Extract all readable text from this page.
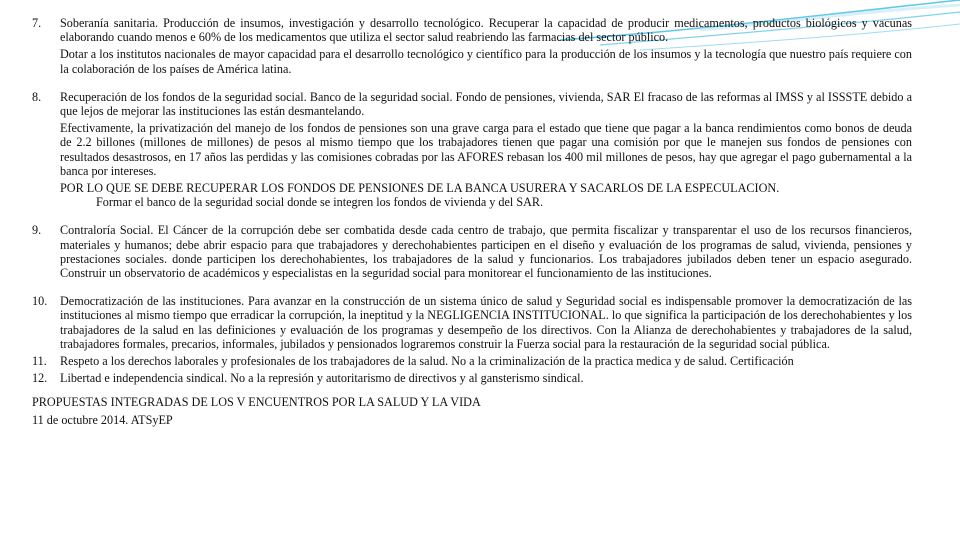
7.	Soberanía sanitaria. Producción de insumos, investigación y desarrollo tecnológico. Recuperar la capacidad de producir medicamentos, productos biológicos y vacunas elaborando cuando menos e 60% de los medicamentos que utiliza el sector salud reabriendo las farmacias del sector público.

Dotar a los institutos nacionales de mayor capacidad para el desarrollo tecnológico y científico para la producción de los insumos y la tecnología que nuestro país requiere con la colaboración de los países de América latina.

8.	Recuperación de los fondos de la seguridad social. Banco de la seguridad social. Fondo de pensiones, vivienda, SAR El fracaso de las reformas al IMSS y al ISSSTE debido a que lejos de mejorar las instituciones las están desmantelando.

Efectivamente, la privatización del manejo de los fondos de pensiones son una grave carga para el estado que tiene que pagar a la banca rendimientos como bonos de deuda de 2.2 billones (millones de millones) de pesos al mismo tiempo que los trabajadores tienen que pagar una comisión por que le manejen sus fondos de pensiones con resultados desastrosos, en 17 años las perdidas y las comisiones cobradas por las AFORES rebasan los 400 mil millones de pesos, hay que agregar el pago gubernamental a la banca por intereses.

POR LO QUE SE DEBE RECUPERAR LOS FONDOS DE PENSIONES DE LA BANCA USURERA Y SACARLOS DE LA ESPECULACION.

Formar el banco de la seguridad social donde se integren los fondos de vivienda y del SAR.

9.	Contraloría Social. El Cáncer de la corrupción debe ser combatida desde cada centro de trabajo, que permita fiscalizar y transparentar el uso de los recursos financieros, materiales y humanos; debe abrir espacio para que trabajadores y derechohabientes participen en el diseño y evaluación de los programas de salud, vivienda, pensiones y prestaciones sociales. donde participen los derechohabientes, los trabajadores de la salud y funcionarios. Los trabajadores jubilados deben tener un espacio asegurado. Construir un observatorio de académicos y especialistas en la seguridad social para monitorear el funcionamiento de las instituciones.

10.	Democratización de las instituciones. Para avanzar en la construcción de un sistema único de salud y Seguridad social es indispensable promover la democratización de las instituciones al mismo tiempo que erradicar la corrupción, la ineptitud y la NEGLIGENCIA INSTITUCIONAL. lo que significa la participación de los derechohabientes y los trabajadores de la salud en las definiciones y evaluación de los programas y desempeño de los directivos. Con la Alianza de derechohabientes y trabajadores de la salud, trabajadores formales, precarios, informales, jubilados y pensionados lograremos construir la Fuerza social para la restauración de la seguridad social pública.

11.	Respeto a los derechos laborales y profesionales de los trabajadores de la salud. No a la criminalización de la practica medica y de salud. Certificación

12.	Libertad e independencia sindical. No a la represión y autoritarismo de directivos y al gansterismo sindical.

PROPUESTAS INTEGRADAS DE LOS V ENCUENTROS POR LA SALUD Y LA VIDA

11 de octubre 2014. ATSyEP
